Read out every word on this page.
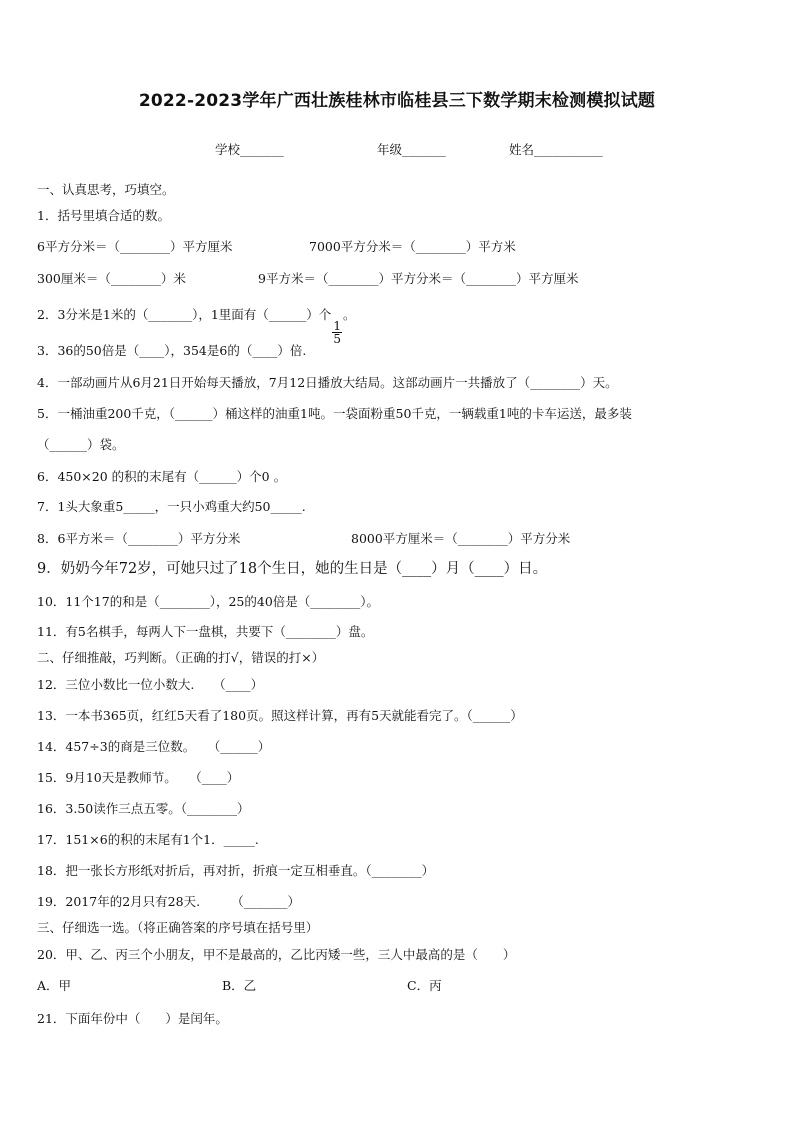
2022-2023学年广西壮族桂林市临桂县三下数学期末检测模拟试题
学校_______	年级_______	姓名___________
一、认真思考，巧填空。
1．括号里填合适的数。
6平方分米＝（________）平方厘米	7000平方分米＝（________）平方米
300厘米＝（________）米	9平方米＝（________）平方分米＝（________）平方厘米
2．3分米是1米的（_______），1里面有（______）个
$\frac{1}{5}$
。
3．36的50倍是（____），354是6的（____）倍.
4．一部动画片从6月21日开始每天播放，7月12日播放大结局。这部动画片一共播放了（________）天。
5．一桶油重200千克，（______）桶这样的油重1吨。一袋面粉重50千克，一辆载重1吨的卡车运送，最多装
（______）袋。
6．450×20 的积的末尾有（______）个0 。
7．1头大象重5_____，一只小鸡重大约50_____.
8．6平方米＝（________）平方分米	8000平方厘米＝（________）平方分米
9．奶奶今年72岁，可她只过了18个生日，她的生日是（____）月（____）日。
10．11个17的和是（________），25的40倍是（________）。
11．有5名棋手，每两人下一盘棋，共要下（________）盘。
二、仔细推敲，巧判断。（正确的打√，错误的打×）
12．三位小数比一位小数大.　　（____）
13．一本书365页，红红5天看了180页。照这样计算，再有5天就能看完了。（______）
14．457÷3的商是三位数。　　（______）
15．9月10天是教师节。　　（____）
16．3.50读作三点五零。（________）
17．151×6的积的末尾有1个1．_____.
18．把一张长方形纸对折后，再对折，折痕一定互相垂直。（________）
19．2017年的2月只有28天.　　　（_______）
三、仔细选一选。（将正确答案的序号填在括号里）
20．甲、乙、丙三个小朋友，甲不是最高的，乙比丙矮一些，三人中最高的是（　　）
A．甲	B．乙	C．丙
21．下面年份中（　　）是闰年。
